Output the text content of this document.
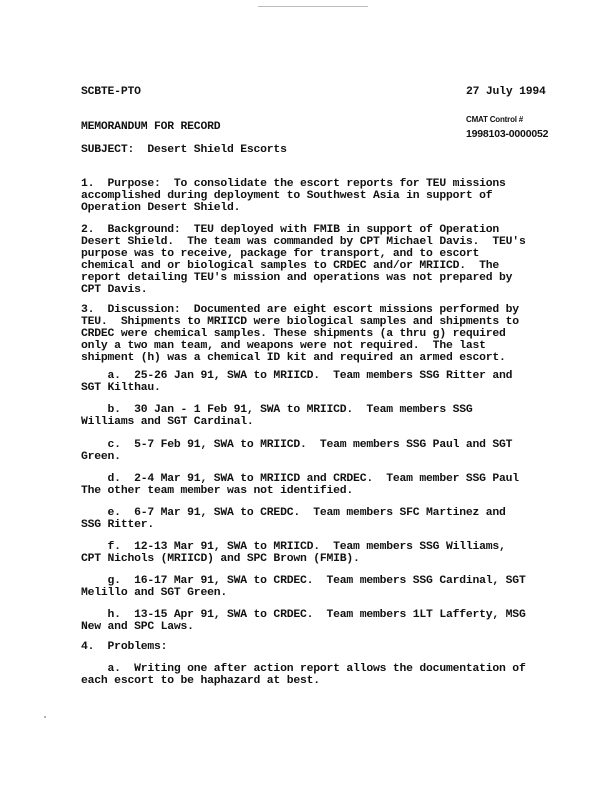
SCBTE-PTO	27 July 1994
MEMORANDUM FOR RECORD
CMAT Control #
1998103-0000052
SUBJECT:  Desert Shield Escorts
1.  Purpose:  To consolidate the escort reports for TEU missions
accomplished during deployment to Southwest Asia in support of
Operation Desert Shield.
2.  Background:  TEU deployed with FMIB in support of Operation
Desert Shield.  The team was commanded by CPT Michael Davis.  TEU's
purpose was to receive, package for transport, and to escort
chemical and or biological samples to CRDEC and/or MRIICD.  The
report detailing TEU's mission and operations was not prepared by
CPT Davis.
3.  Discussion:  Documented are eight escort missions performed by
TEU.  Shipments to MRIICD were biological samples and shipments to
CRDEC were chemical samples. These shipments (a thru g) required
only a two man team, and weapons were not required.  The last
shipment (h) was a chemical ID kit and required an armed escort.
a.  25-26 Jan 91, SWA to MRIICD.  Team members SSG Ritter and
SGT Kilthau.
b.  30 Jan - 1 Feb 91, SWA to MRIICD.  Team members SSG
Williams and SGT Cardinal.
c.  5-7 Feb 91, SWA to MRIICD.  Team members SSG Paul and SGT
Green.
d.  2-4 Mar 91, SWA to MRIICD and CRDEC.  Team member SSG Paul
The other team member was not identified.
e.  6-7 Mar 91, SWA to CREDC.  Team members SFC Martinez and
SSG Ritter.
f.  12-13 Mar 91, SWA to MRIICD.  Team members SSG Williams,
CPT Nichols (MRIICD) and SPC Brown (FMIB).
g.  16-17 Mar 91, SWA to CRDEC.  Team members SSG Cardinal, SGT
Melillo and SGT Green.
h.  13-15 Apr 91, SWA to CRDEC.  Team members 1LT Lafferty, MSG
New and SPC Laws.
4.  Problems:
a.  Writing one after action report allows the documentation of
each escort to be haphazard at best.
